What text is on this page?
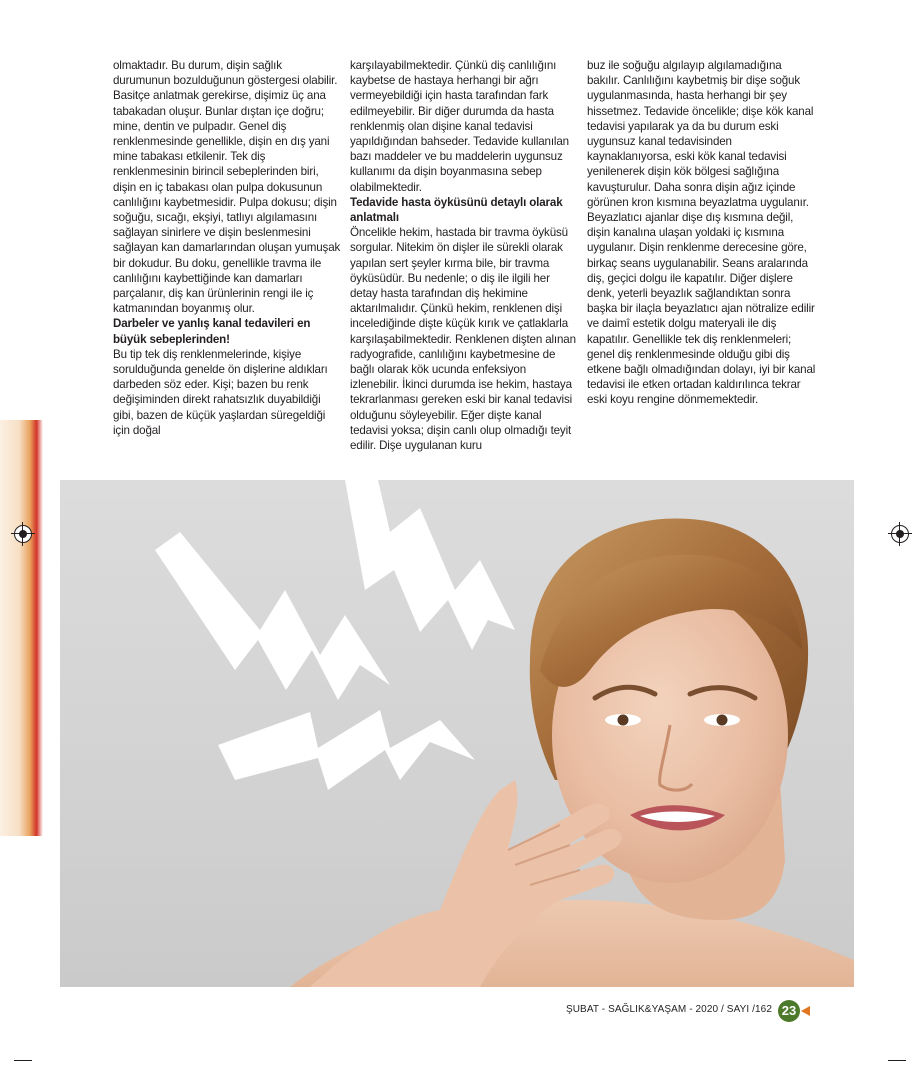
olmaktadır. Bu durum, dişin sağlık durumunun bozulduğunun göstergesi olabilir. Basitçe anlatmak gerekirse, dişimiz üç ana tabakadan oluşur. Bunlar dıştan içe doğru; mine, dentin ve pulpadır. Genel diş renklenmesinde genellikle, dişin en dış yani mine tabakası etkilenir. Tek diş renklenmesinin birincil sebeplerinden biri, dişin en iç tabakası olan pulpa dokusunun canlılığını kaybetmesidir. Pulpa dokusu; dişin soğuğu, sıcağı, ekşiyi, tatlıyı algılamasını sağlayan sinirlere ve dişin beslenmesini sağlayan kan damarlarından oluşan yumuşak bir dokudur. Bu doku, genellikle travma ile canlılığını kaybettiğinde kan damarları parçalanır, diş kan ürünlerinin rengi ile iç katmanından boyanmış olur.

Darbeler ve yanlış kanal tedavileri en büyük sebeplerinden!

Bu tip tek diş renklenmelerinde, kişiye sorulduğunda genelde ön dişlerine aldıkları darbeden söz eder. Kişi; bazen bu renk değişiminden direkt rahatsızlık duyabildiği gibi, bazen de küçük yaşlardan süregeldiği için doğal

karşılayabilmektedir. Çünkü diş canlılığını kaybetse de hastaya herhangi bir ağrı vermeyebildiği için hasta tarafından fark edilmeyebilir. Bir diğer durumda da hasta renklenmiş olan dişine kanal tedavisi yapıldığından bahseder. Tedavide kullanılan bazı maddeler ve bu maddelerin uygunsuz kullanımı da dişin boyanmasına sebep olabilmektedir.

Tedavide hasta öyküsünü detaylı olarak anlatmalı

Öncelikle hekim, hastada bir travma öyküsü sorgular. Nitekim ön dişler ile sürekli olarak yapılan sert şeyler kırma bile, bir travma öyküsüdür. Bu nedenle; o diş ile ilgili her detay hasta tarafından diş hekimine aktarılmalıdır. Çünkü hekim, renklenen dişi incelediğinde dişte küçük kırık ve çatlaklarla karşılaşabilmektedir. Renklenen dişten alınan radyografide, canlılığını kaybetmesine de bağlı olarak kök ucunda enfeksiyon izlenebilir. İkinci durumda ise hekim, hastaya tekrarlanması gereken eski bir kanal tedavisi olduğunu söyleyebilir. Eğer dişte kanal tedavisi yoksa; dişin canlı olup olmadığı teyit edilir. Dişe uygulanan kuru

buz ile soğuğu algılayıp algılamadığına bakılır. Canlılığını kaybetmiş bir dişe soğuk uygulanmasında, hasta herhangi bir şey hissetmez. Tedavide öncelikle; dişe kök kanal tedavisi yapılarak ya da bu durum eski uygunsuz kanal tedavisinden kaynaklanıyorsa, eski kök kanal tedavisi yenilenerek dişin kök bölgesi sağlığına kavuşturulur. Daha sonra dişin ağız içinde görünen kron kısmına beyazlatma uygulanır. Beyazlatıcı ajanlar dişe dış kısmına değil, dişin kanalına ulaşan yoldaki iç kısmına uygulanır. Dişin renklenme derecesine göre, birkaç seans uygulanabilir. Seans aralarında diş, geçici dolgu ile kapatılır. Diğer dişlere denk, yeterli beyazlık sağlandıktan sonra başka bir ilaçla beyazlatıcı ajan nötralize edilir ve daimî estetik dolgu materyali ile diş kapatılır. Genellikle tek diş renklenmeleri; genel diş renklenmesinde olduğu gibi diş etkene bağlı olmadığından dolayı, iyi bir kanal tedavisi ile etken ortadan kaldırılınca tekrar eski koyu rengine dönmemektedir.

ŞUBAT - SAĞLIK&YAŞAM - 2020 / SAYI /162 23
